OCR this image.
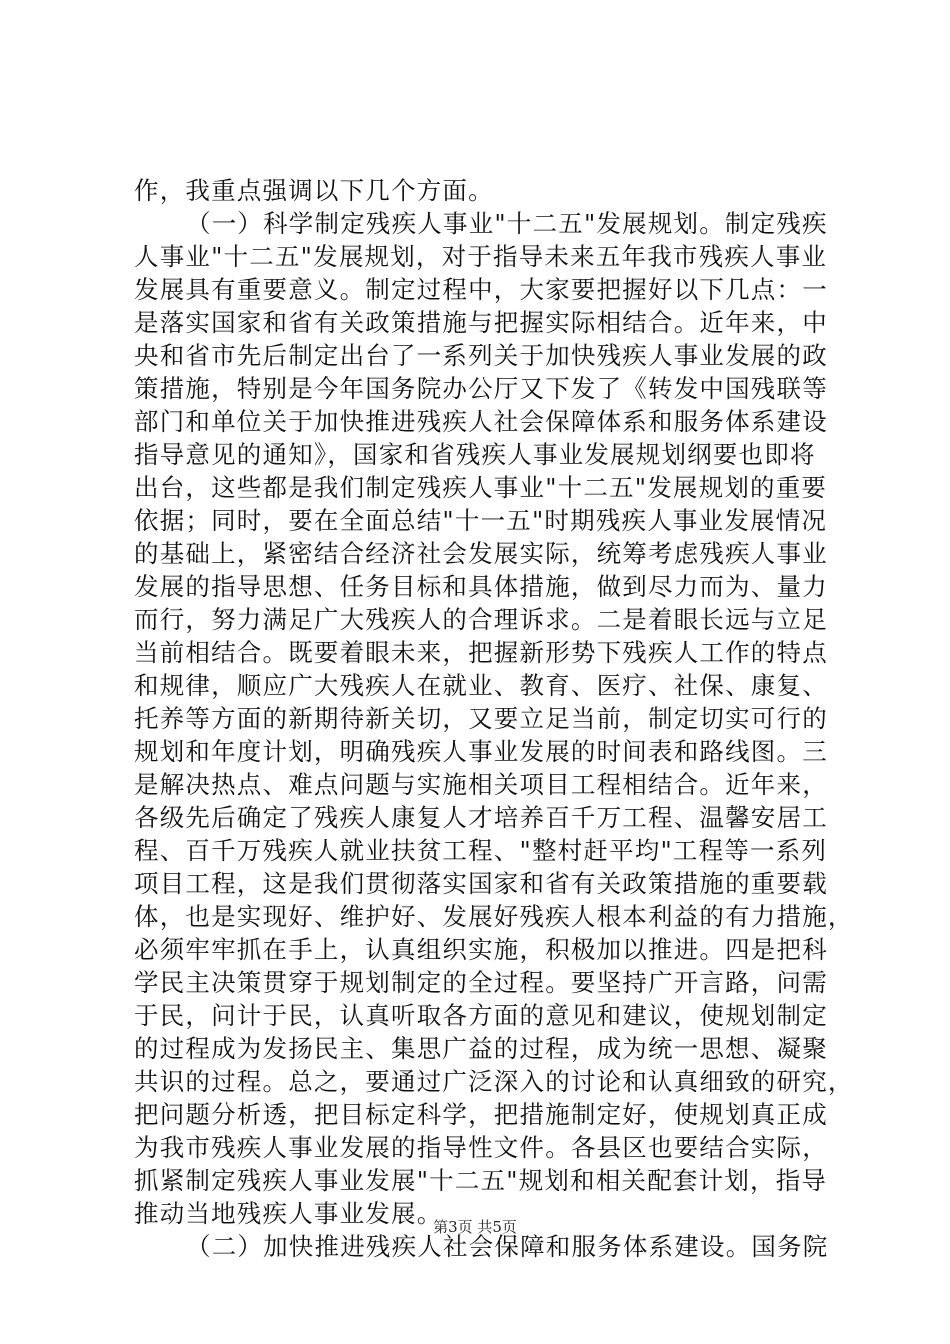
作，我重点强调以下几个方面。
（一）科学制定残疾人事业"十二五"发展规划。制定残疾
人事业"十二五"发展规划，对于指导未来五年我市残疾人事业
发展具有重要意义。制定过程中，大家要把握好以下几点：一
是落实国家和省有关政策措施与把握实际相结合。近年来，中
央和省市先后制定出台了一系列关于加快残疾人事业发展的政
策措施，特别是今年国务院办公厅又下发了《转发中国残联等
部门和单位关于加快推进残疾人社会保障体系和服务体系建设
指导意见的通知》，国家和省残疾人事业发展规划纲要也即将
出台，这些都是我们制定残疾人事业"十二五"发展规划的重要
依据；同时，要在全面总结"十一五"时期残疾人事业发展情况
的基础上，紧密结合经济社会发展实际，统筹考虑残疾人事业
发展的指导思想、任务目标和具体措施，做到尽力而为、量力
而行，努力满足广大残疾人的合理诉求。二是着眼长远与立足
当前相结合。既要着眼未来，把握新形势下残疾人工作的特点
和规律，顺应广大残疾人在就业、教育、医疗、社保、康复、
托养等方面的新期待新关切，又要立足当前，制定切实可行的
规划和年度计划，明确残疾人事业发展的时间表和路线图。三
是解决热点、难点问题与实施相关项目工程相结合。近年来，
各级先后确定了残疾人康复人才培养百千万工程、温馨安居工
程、百千万残疾人就业扶贫工程、"整村赶平均"工程等一系列
项目工程，这是我们贯彻落实国家和省有关政策措施的重要载
体，也是实现好、维护好、发展好残疾人根本利益的有力措施，
必须牢牢抓在手上，认真组织实施，积极加以推进。四是把科
学民主决策贯穿于规划制定的全过程。要坚持广开言路，问需
于民，问计于民，认真听取各方面的意见和建议，使规划制定
的过程成为发扬民主、集思广益的过程，成为统一思想、凝聚
共识的过程。总之，要通过广泛深入的讨论和认真细致的研究，
把问题分析透，把目标定科学，把措施制定好，使规划真正成
为我市残疾人事业发展的指导性文件。各县区也要结合实际，
抓紧制定残疾人事业发展"十二五"规划和相关配套计划，指导
推动当地残疾人事业发展。
（二）加快推进残疾人社会保障和服务体系建设。国务院
第3页 共5页
